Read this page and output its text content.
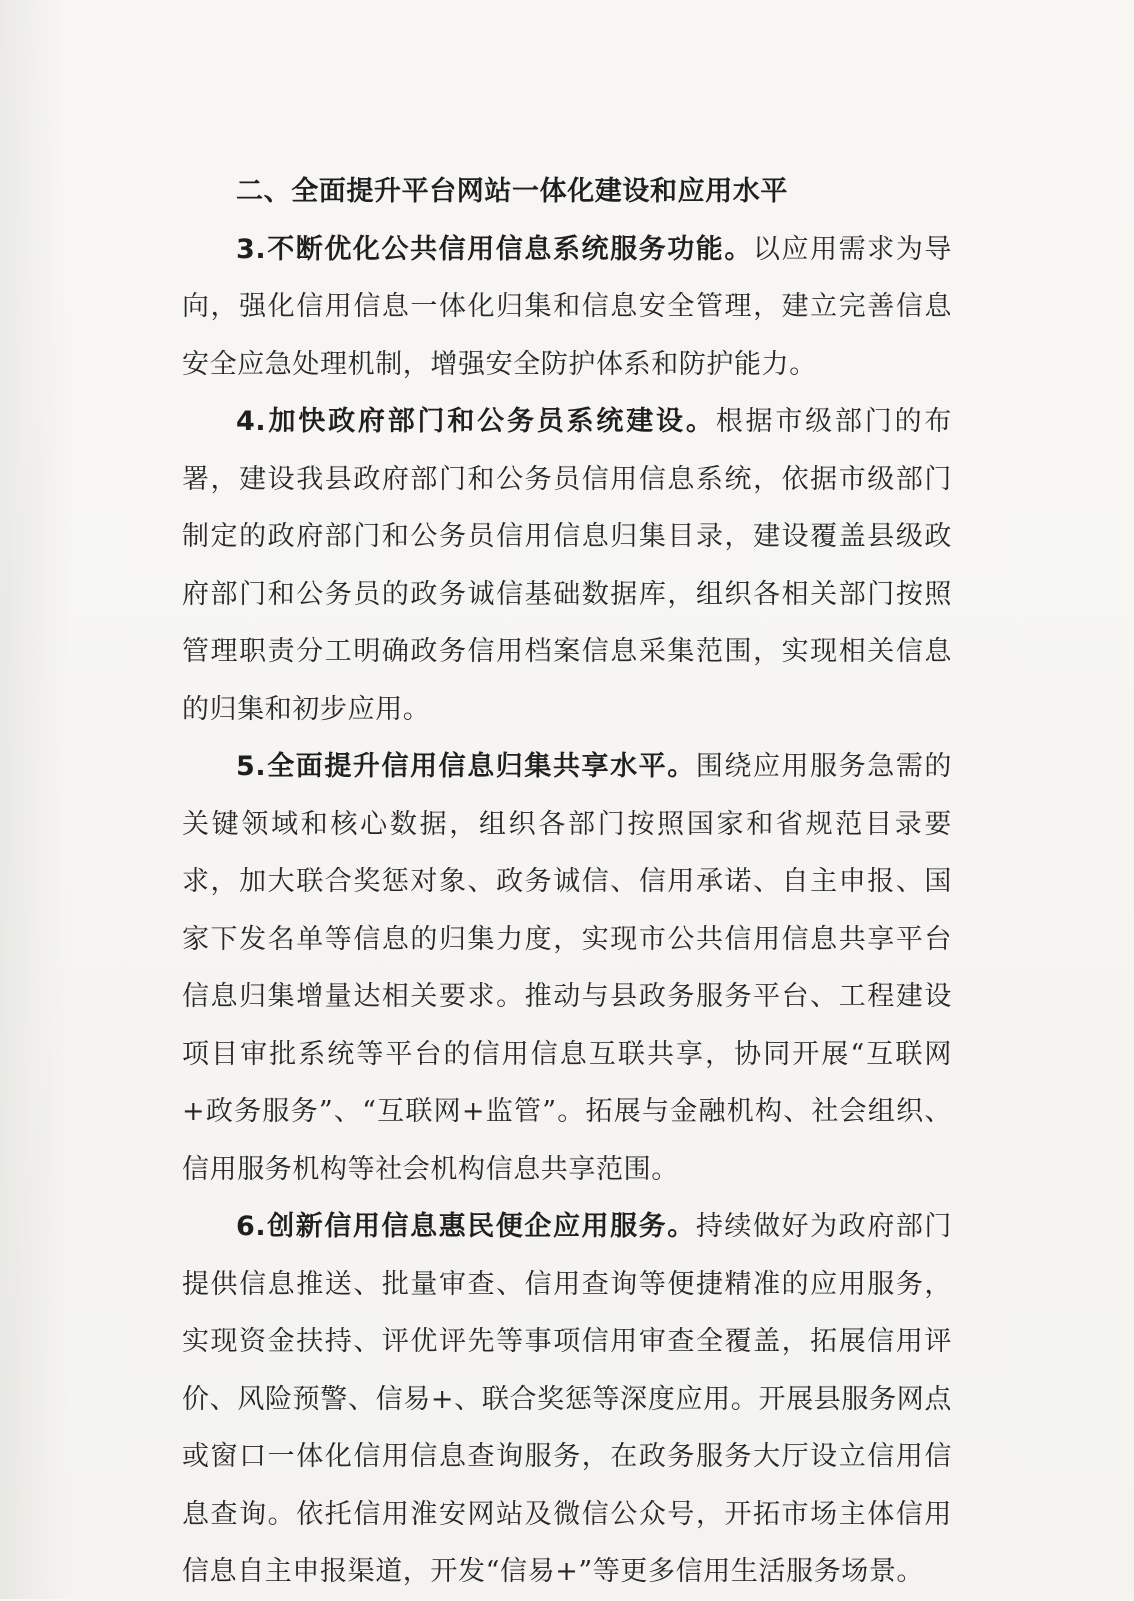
二、全面提升平台网站一体化建设和应用水平

3.不断优化公共信用信息系统服务功能。以应用需求为导向，强化信用信息一体化归集和信息安全管理，建立完善信息安全应急处理机制，增强安全防护体系和防护能力。

4.加快政府部门和公务员系统建设。根据市级部门的布署，建设我县政府部门和公务员信用信息系统，依据市级部门制定的政府部门和公务员信用信息归集目录，建设覆盖县级政府部门和公务员的政务诚信基础数据库，组织各相关部门按照管理职责分工明确政务信用档案信息采集范围，实现相关信息的归集和初步应用。

5.全面提升信用信息归集共享水平。围绕应用服务急需的关键领域和核心数据，组织各部门按照国家和省规范目录要求，加大联合奖惩对象、政务诚信、信用承诺、自主申报、国家下发名单等信息的归集力度，实现市公共信用信息共享平台信息归集增量达相关要求。推动与县政务服务平台、工程建设项目审批系统等平台的信用信息互联共享，协同开展“互联网+政务服务”、“互联网+监管”。拓展与金融机构、社会组织、信用服务机构等社会机构信息共享范围。

6.创新信用信息惠民便企应用服务。持续做好为政府部门提供信息推送、批量审查、信用查询等便捷精准的应用服务，实现资金扶持、评优评先等事项信用审查全覆盖，拓展信用评价、风险预警、信易+、联合奖惩等深度应用。开展县服务网点或窗口一体化信用信息查询服务，在政务服务大厅设立信用信息查询。依托信用淮安网站及微信公众号，开拓市场主体信用信息自主申报渠道，开发“信易+”等更多信用生活服务场景。
